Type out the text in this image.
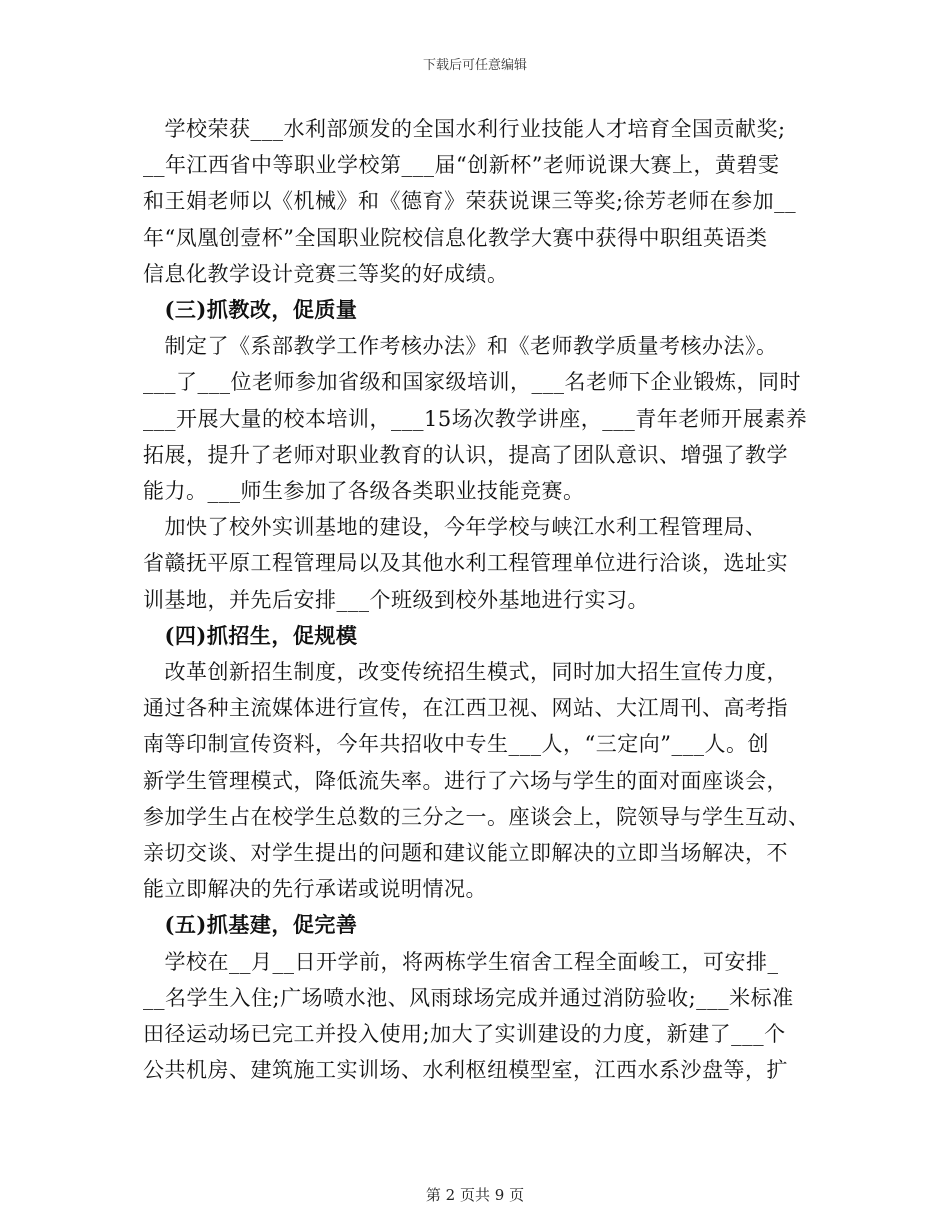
下载后可任意编辑
　学校荣获___水利部颁发的全国水利行业技能人才培育全国贡献奖;
__年江西省中等职业学校第___届“创新杯”老师说课大赛上，黄碧雯
和王娟老师以《机械》和《德育》荣获说课三等奖;徐芳老师在参加__
年“凤凰创壹杯”全国职业院校信息化教学大赛中获得中职组英语类
信息化教学设计竞赛三等奖的好成绩。
　(三)抓教改，促质量
　制定了《系部教学工作考核办法》和《老师教学质量考核办法》。
___了___位老师参加省级和国家级培训，___名老师下企业锻炼，同时
___开展大量的校本培训，___15场次教学讲座，___青年老师开展素养
拓展，提升了老师对职业教育的认识，提高了团队意识、增强了教学
能力。___师生参加了各级各类职业技能竞赛。
　加快了校外实训基地的建设，今年学校与峡江水利工程管理局、
省赣抚平原工程管理局以及其他水利工程管理单位进行洽谈，选址实
训基地，并先后安排___个班级到校外基地进行实习。
　(四)抓招生，促规模
　改革创新招生制度，改变传统招生模式，同时加大招生宣传力度，
通过各种主流媒体进行宣传，在江西卫视、网站、大江周刊、高考指
南等印制宣传资料，今年共招收中专生___人，“三定向”___人。创
新学生管理模式，降低流失率。进行了六场与学生的面对面座谈会，
参加学生占在校学生总数的三分之一。座谈会上，院领导与学生互动、
亲切交谈、对学生提出的问题和建议能立即解决的立即当场解决，不
能立即解决的先行承诺或说明情况。
　(五)抓基建，促完善
　学校在__月__日开学前，将两栋学生宿舍工程全面峻工，可安排_
__名学生入住;广场喷水池、风雨球场完成并通过消防验收;___米标准
田径运动场已完工并投入使用;加大了实训建设的力度，新建了___个
公共机房、建筑施工实训场、水利枢纽模型室，江西水系沙盘等，扩
第 2 页共 9 页
